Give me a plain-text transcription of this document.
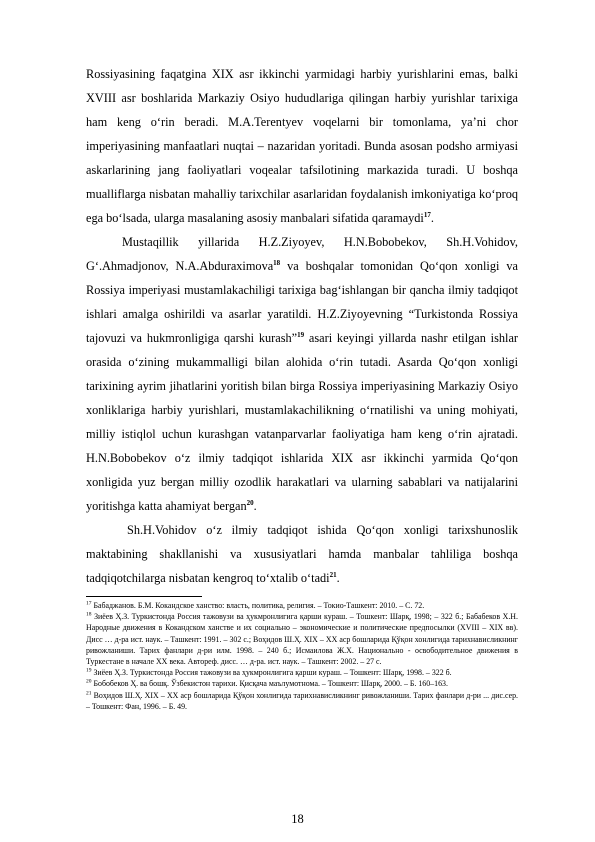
Rossiyasining faqatgina XIX asr ikkinchi yarmidagi harbiy yurishlarini emas, balki XVIII asr boshlarida Markaziy Osiyo hududlariga qilingan harbiy yurishlar tarixiga ham keng o‘rin beradi. M.A.Terentyev voqelarni bir tomonlama, ya’ni chor imperiyasining manfaatlari nuqtai – nazaridan yoritadi. Bunda asosan podsho armiyasi askarlarining jang faoliyatlari voqealar tafsilotining markazida turadi. U boshqa mualliflarga nisbatan mahalliy tarixchilar asarlaridan foydalanish imkoniyatiga ko‘proq ega bo‘lsada, ularga masalaning asosiy manbalari sifatida qaramaydi$^{17}$.

Mustaqillik yillarida H.Z.Ziyoyev, H.N.Bobobekov, Sh.H.Vohidov, G‘.Ahmadjonov, N.A.Abduraximova$^{18}$ va boshqalar tomonidan Qo‘qon xonligi va Rossiya imperiyasi mustamlakachiligi tarixiga bag‘ishlangan bir qancha ilmiy tadqiqot ishlari amalga oshirildi va asarlar yaratildi. H.Z.Ziyoyevning “Turkistonda Rossiya tajovuzi va hukmronligiga qarshi kurash”$^{19}$ asari keyingi yillarda nashr etilgan ishlar orasida o‘zining mukammalligi bilan alohida o‘rin tutadi. Asarda Qo‘qon xonligi tarixining ayrim jihatlarini yoritish bilan birga Rossiya imperiyasining Markaziy Osiyo xonliklariga harbiy yurishlari, mustamlakachilikning o‘rnatilishi va uning mohiyati, milliy istiqlol uchun kurashgan vatanparvarlar faoliyatiga ham keng o‘rin ajratadi. H.N.Bobobekov o‘z ilmiy tadqiqot ishlarida XIX asr ikkinchi yarmida Qo‘qon xonligida yuz bergan milliy ozodlik harakatlari va ularning sabablari va natijalarini yoritishga katta ahamiyat bergan$^{20}$.

Sh.H.Vohidov o‘z ilmiy tadqiqot ishida Qo‘qon xonligi tarixshunoslik maktabining shakllanishi va xususiyatlari hamda manbalar tahliliga boshqa tadqiqotchilarga nisbatan kengroq to‘xtalib o‘tadi$^{21}$.

$^{17}$ Бабаджанов. Б.М. Кокандское ханство: власть, политика, религия. – Токио-Ташкент: 2010. – С. 72.

$^{18}$ Зиёев Ҳ.З. Туркистонда Россия тажовузи ва ҳукмронлигига қарши кураш. – Тошкент: Шарқ, 1998; – 322 б.; Бабабеков Х.Н. Народные движения в Кокандском ханстве и их социально – экономические и политические предпосылки (XVIII – XIX вв). Дисс … д-ра ист. наук. – Ташкент: 1991. – 302 с.; Воҳидов Ш.Ҳ. XIX – XX аср бошларида Қўқон хонлигида тарихнависликнинг ривожланиши. Тарих фанлари д-ри илм. 1998. – 240 б.; Исмаилова Ж.Х. Национально - освободительное движения в Туркестане в начале XX века. Автореф. дисс. … д-ра. ист. наук. – Ташкент: 2002. – 27 с.

$^{19}$ Зиёев Ҳ.З. Туркистонда Россия тажовузи ва ҳукмронлигига қарши кураш. – Тошкент: Шарқ, 1998. – 322 б.

$^{20}$ Бобобеков Ҳ. ва бошқ. Ўзбекистон тарихи. Қисқача маълумотнома. – Тошкент: Шарқ, 2000. – Б. 160–163.

$^{21}$ Воҳидов Ш.Ҳ. XIX – XX аср бошларида Қўқон хонлигида тарихнависликнинг ривожланиши. Тарих фанлари д-ри ... дис.сер. – Тошкент: Фан, 1996. – Б. 49.

18
